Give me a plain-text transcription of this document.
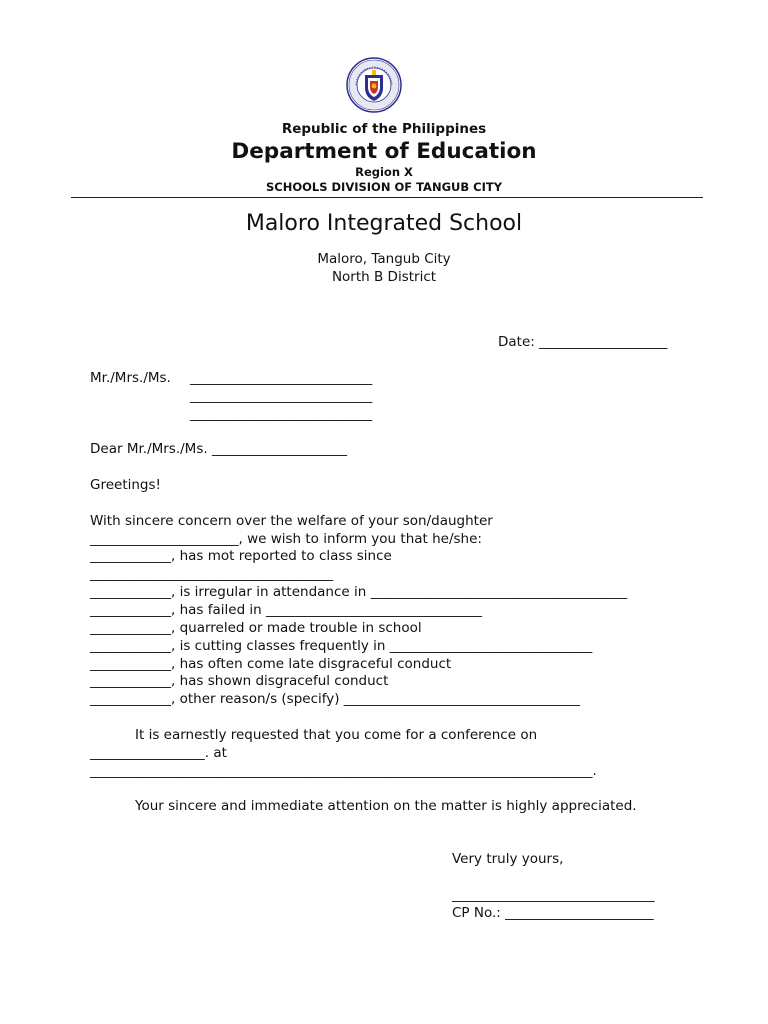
Republic of the Philippines
Department of Education
Region X
SCHOOLS DIVISION OF TANGUB CITY
Maloro Integrated School
Maloro, Tangub City
North B District
Date: ___________________
Mr./Mrs./Ms. ___________________________
___________________________
___________________________
Dear Mr./Mrs./Ms. ____________________
Greetings!
With sincere concern over the welfare of your son/daughter
______________________, we wish to inform you that he/she:
____________, has mot reported to class since
____________________________________
____________, is irregular in attendance in ______________________________________
____________, has failed in ________________________________
____________, quarreled or made trouble in school
____________, is cutting classes frequently in ______________________________
____________, has often come late disgraceful conduct
____________, has shown disgraceful conduct
____________, other reason/s (specify) ___________________________________
It is earnestly requested that you come for a conference on
_________________. at
___________________________________________________________________________.
Your sincere and immediate attention on the matter is highly appreciated.
Very truly yours,
______________________________
CP No.: ______________________
